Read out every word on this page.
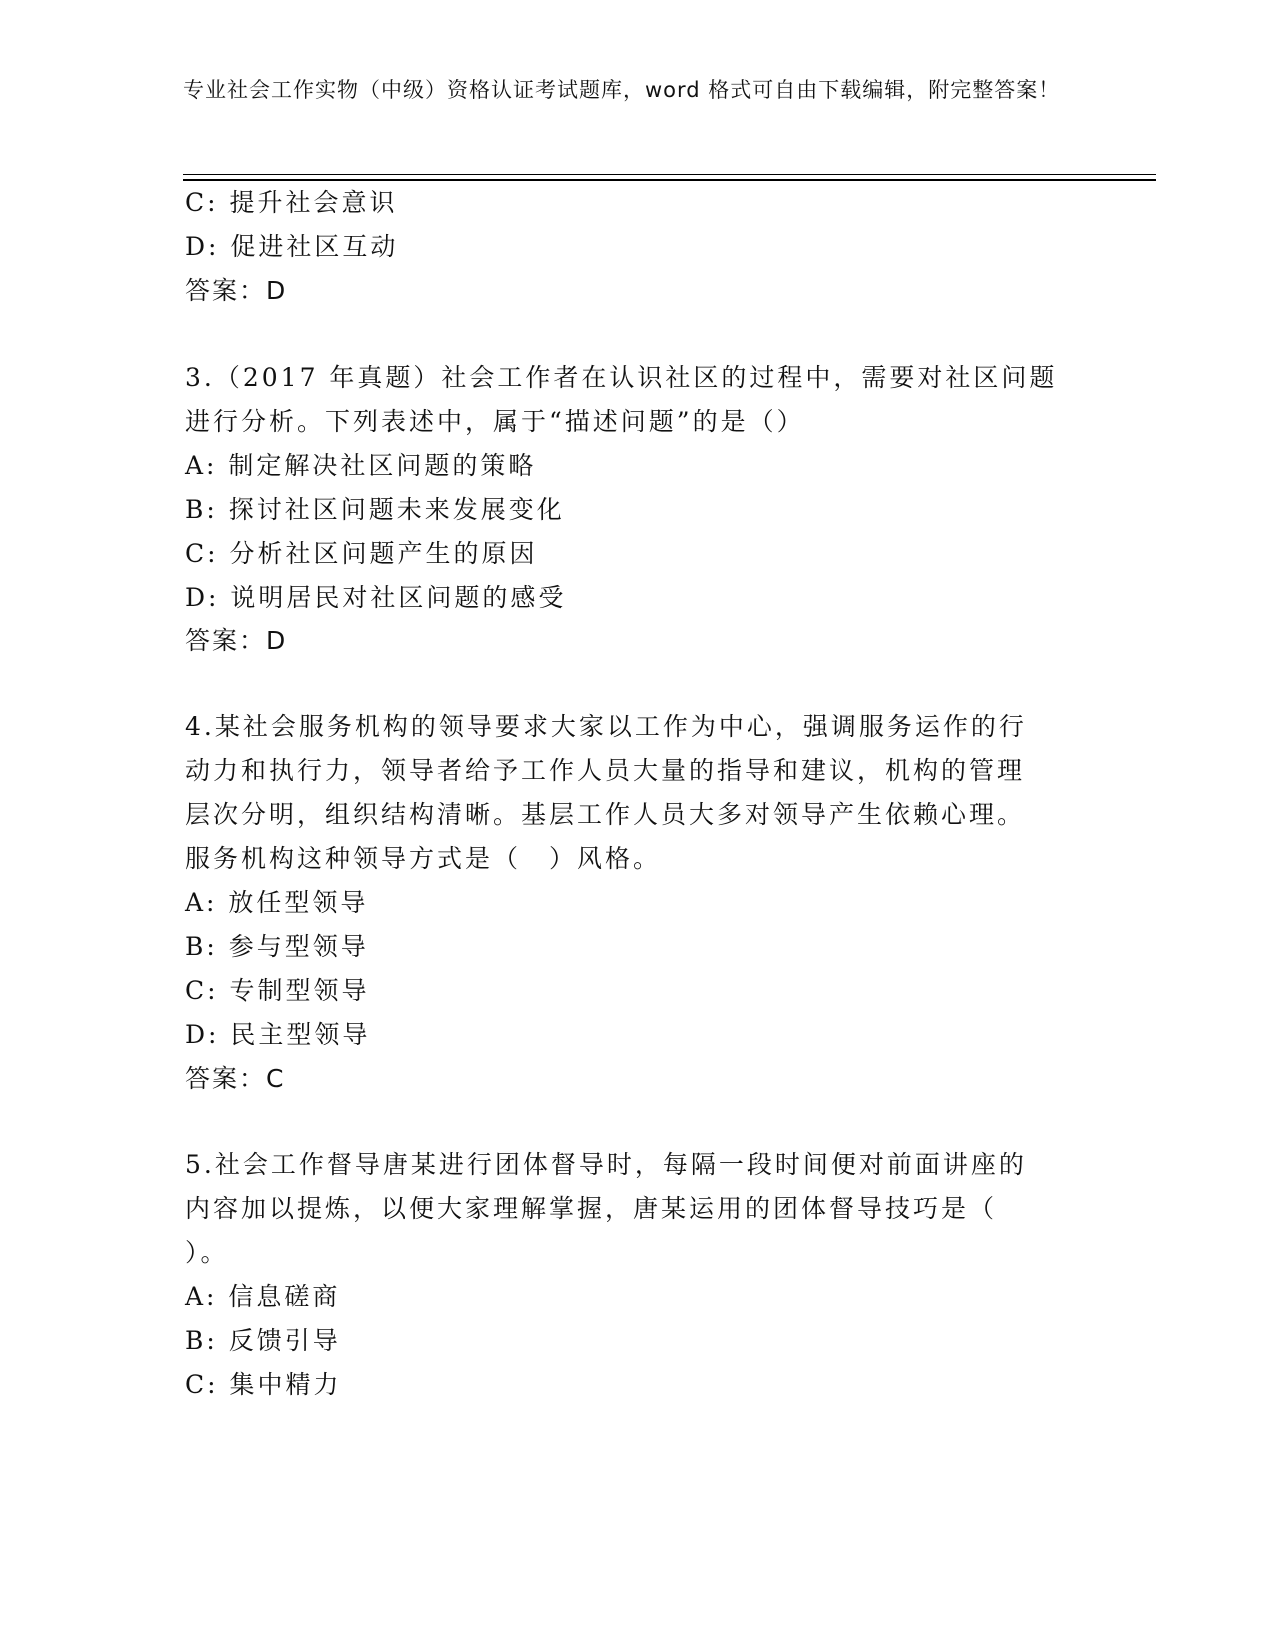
专业社会工作实物（中级）资格认证考试题库，word 格式可自由下载编辑，附完整答案！
C: 提升社会意识
D: 促进社区互动
答案：D
3.（2017 年真题）社会工作者在认识社区的过程中，需要对社区问题
进行分析。下列表述中，属于“描述问题”的是（）
A: 制定解决社区问题的策略
B: 探讨社区问题未来发展变化
C: 分析社区问题产生的原因
D: 说明居民对社区问题的感受
答案：D
4.某社会服务机构的领导要求大家以工作为中心，强调服务运作的行
动力和执行力，领导者给予工作人员大量的指导和建议，机构的管理
层次分明，组织结构清晰。基层工作人员大多对领导产生依赖心理。
服务机构这种领导方式是（　）风格。
A: 放任型领导
B: 参与型领导
C: 专制型领导
D: 民主型领导
答案：C
5.社会工作督导唐某进行团体督导时，每隔一段时间便对前面讲座的
内容加以提炼，以便大家理解掌握，唐某运用的团体督导技巧是（
）。
A: 信息磋商
B: 反馈引导
C: 集中精力
